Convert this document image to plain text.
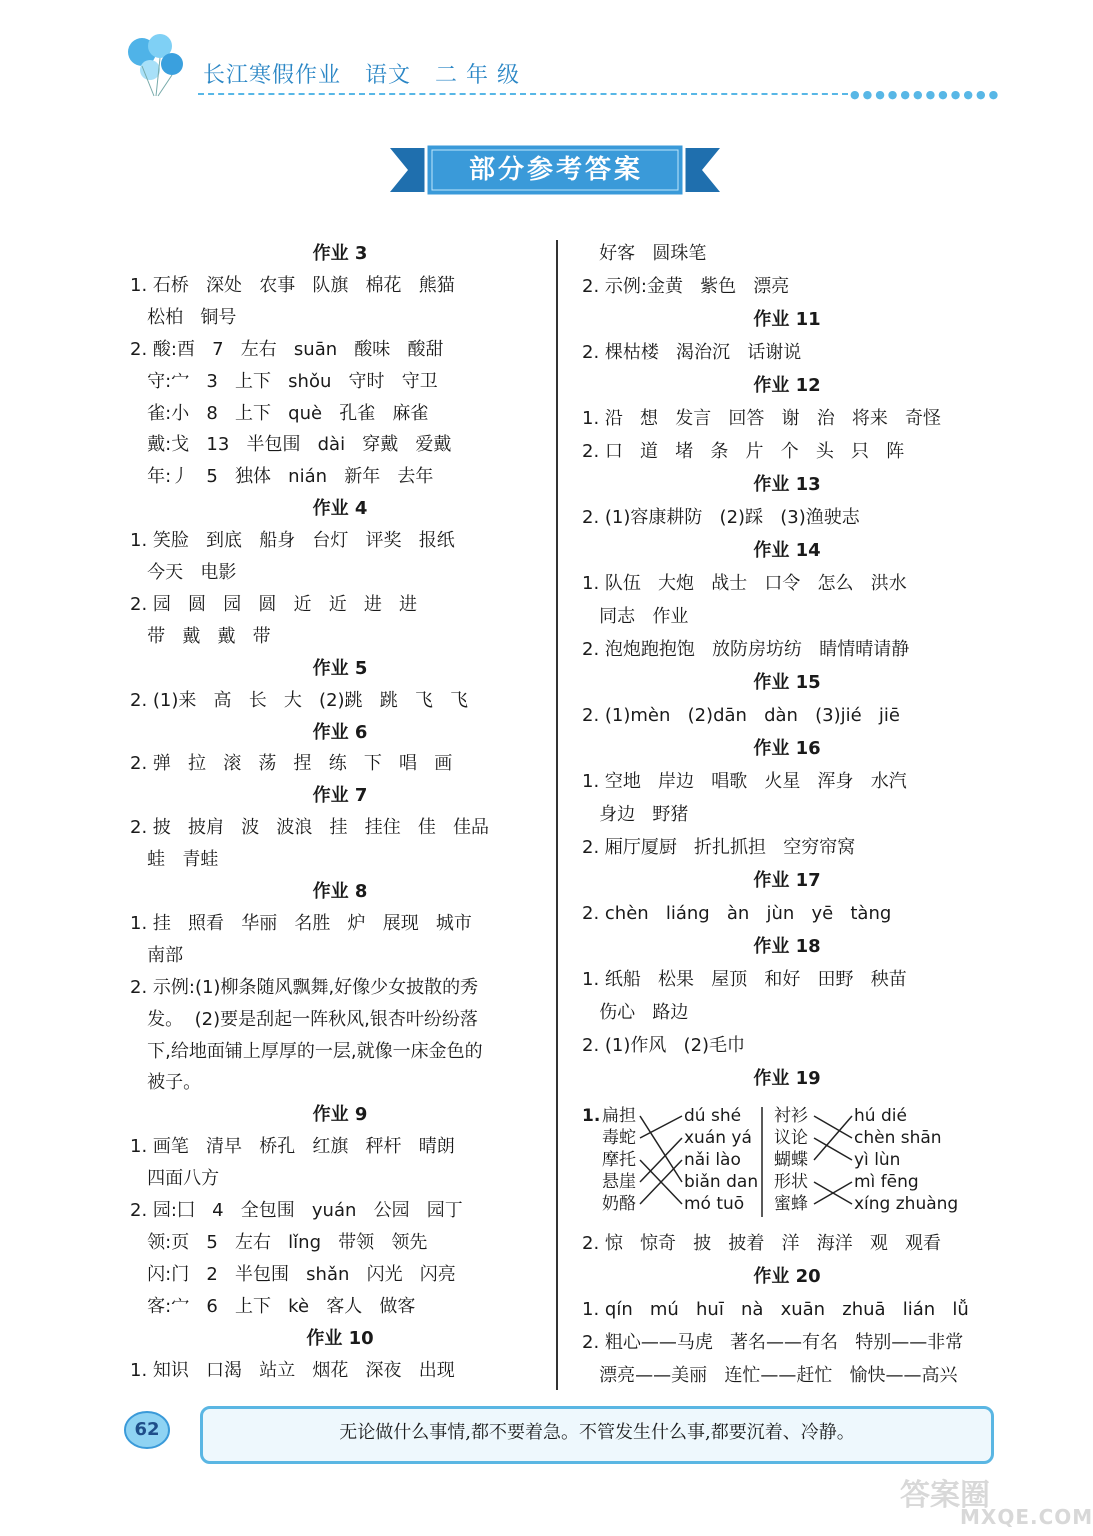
长江寒假作业   语文   二 年 级
●●●●●●●●●●●●
部分参考答案
作业 3
1. 石桥   深处   农事   队旗   棉花   熊猫
松柏   铜号
2. 酸:酉   7   左右   suān   酸味   酸甜
守:宀   3   上下   shǒu   守时   守卫
雀:小   8   上下   què   孔雀   麻雀
戴:戈   13   半包围   dài   穿戴   爱戴
年:丿   5   独体   nián   新年   去年
作业 4
1. 笑脸   到底   船身   台灯   评奖   报纸
今天   电影
2. 园   圆   园   圆   近   近   进   进
带   戴   戴   带
作业 5
2. (1)来   高   长   大   (2)跳   跳   飞   飞
作业 6
2. 弹   拉   滚   荡   捏   练   下   唱   画
作业 7
2. 披   披肩   波   波浪   挂   挂住   佳   佳品
蛙   青蛙
作业 8
1. 挂   照看   华丽   名胜   炉   展现   城市
南部
2. 示例:(1)柳条随风飘舞,好像少女披散的秀
发。  (2)要是刮起一阵秋风,银杏叶纷纷落
下,给地面铺上厚厚的一层,就像一床金色的
被子。
作业 9
1. 画笔   清早   桥孔   红旗   秤杆   晴朗
四面八方
2. 园:囗   4   全包围   yuán   公园   园丁
领:页   5   左右   lǐng   带领   领先
闪:门   2   半包围   shǎn   闪光   闪亮
客:宀   6   上下   kè   客人   做客
作业 10
1. 知识   口渴   站立   烟花   深夜   出现
好客   圆珠笔
2. 示例:金黄   紫色   漂亮
作业 11
2. 棵枯楼   渴治沉   话谢说
作业 12
1. 沿   想   发言   回答   谢   治   将来   奇怪
2. 口   道   堵   条   片   个   头   只   阵
作业 13
2. (1)容康耕防   (2)踩   (3)渔驶志
作业 14
1. 队伍   大炮   战士   口令   怎么   洪水
同志   作业
2. 泡炮跑抱饱   放防房坊纺   睛情晴请静
作业 15
2. (1)mèn   (2)dān   dàn   (3)jié   jiē
作业 16
1. 空地   岸边   唱歌   火星   浑身   水汽
身边   野猪
2. 厢厅厦厨   折扎抓担   空穷帘窝
作业 17
2. chèn   liáng   àn   jùn   yē   tàng
作业 18
1. 纸船   松果   屋顶   和好   田野   秧苗
伤心   路边
2. (1)作风   (2)毛巾
作业 19
2. 惊   惊奇   披   披着   洋   海洋   观   观看
作业 20
1. qín   mú   huī   nà   xuān   zhuā   lián   lǚ
2. 粗心——马虎   著名——有名   特别——非常
漂亮——美丽   连忙——赶忙   愉快——高兴
1. 扁担
毒蛇
摩托
悬崖
奶酪
dú shé
xuán yá
nǎi lào
biǎn dan
mó tuō
衬衫
议论
蝴蝶
形状
蜜蜂
hú dié
chèn shān
yì lùn
mì fēng
xíng zhuàng
62	无论做什么事情,都不要着急。不管发生什么事,都要沉着、冷静。
答案圈
MXQE.COM
